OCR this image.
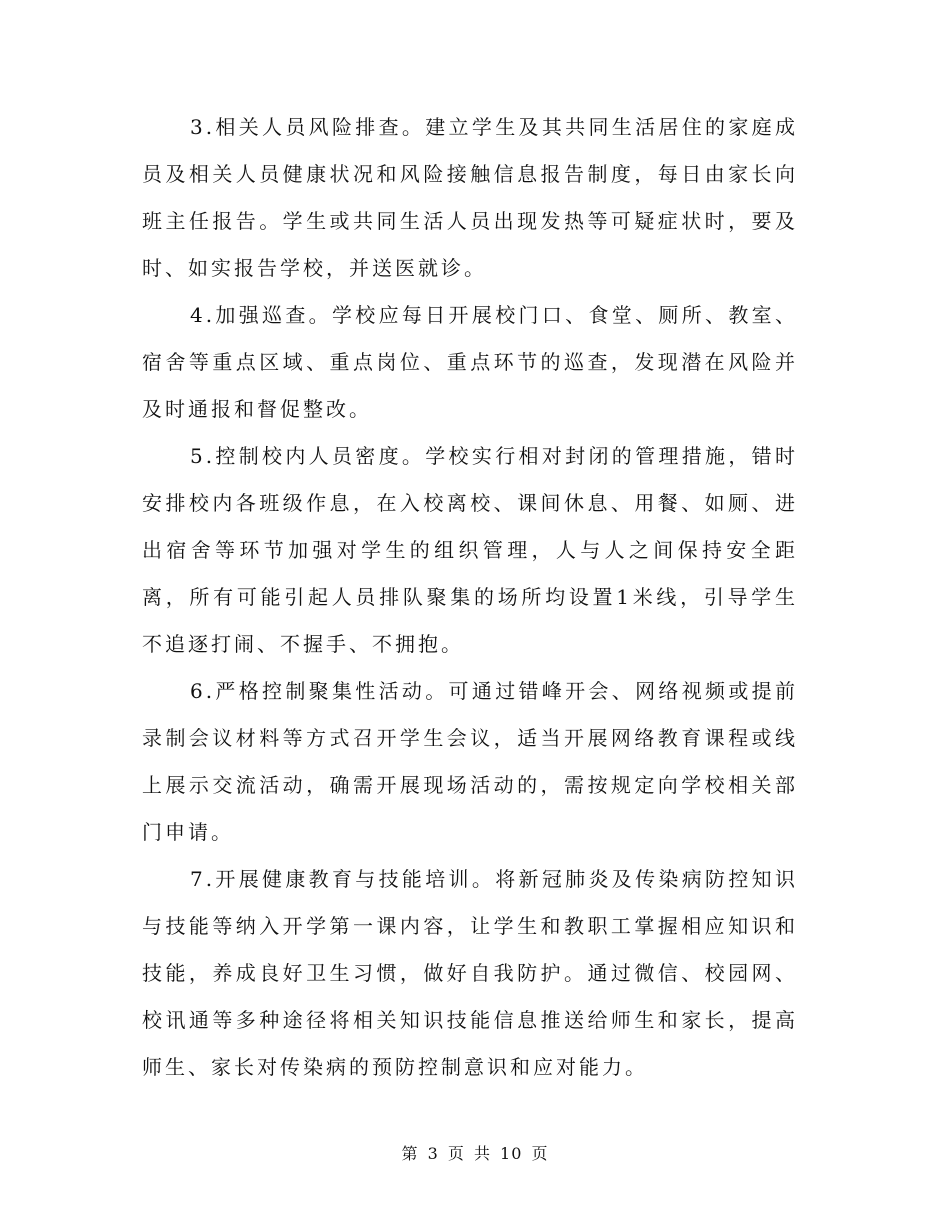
3.相关人员风险排查。建立学生及其共同生活居住的家庭成员及相关人员健康状况和风险接触信息报告制度，每日由家长向班主任报告。学生或共同生活人员出现发热等可疑症状时，要及时、如实报告学校，并送医就诊。

4.加强巡查。学校应每日开展校门口、食堂、厕所、教室、宿舍等重点区域、重点岗位、重点环节的巡查，发现潜在风险并及时通报和督促整改。

5.控制校内人员密度。学校实行相对封闭的管理措施，错时安排校内各班级作息，在入校离校、课间休息、用餐、如厕、进出宿舍等环节加强对学生的组织管理，人与人之间保持安全距离，所有可能引起人员排队聚集的场所均设置1米线，引导学生不追逐打闹、不握手、不拥抱。

6.严格控制聚集性活动。可通过错峰开会、网络视频或提前录制会议材料等方式召开学生会议，适当开展网络教育课程或线上展示交流活动，确需开展现场活动的，需按规定向学校相关部门申请。

7.开展健康教育与技能培训。将新冠肺炎及传染病防控知识与技能等纳入开学第一课内容，让学生和教职工掌握相应知识和技能，养成良好卫生习惯，做好自我防护。通过微信、校园网、校讯通等多种途径将相关知识技能信息推送给师生和家长，提高师生、家长对传染病的预防控制意识和应对能力。

第 3 页 共 10 页
